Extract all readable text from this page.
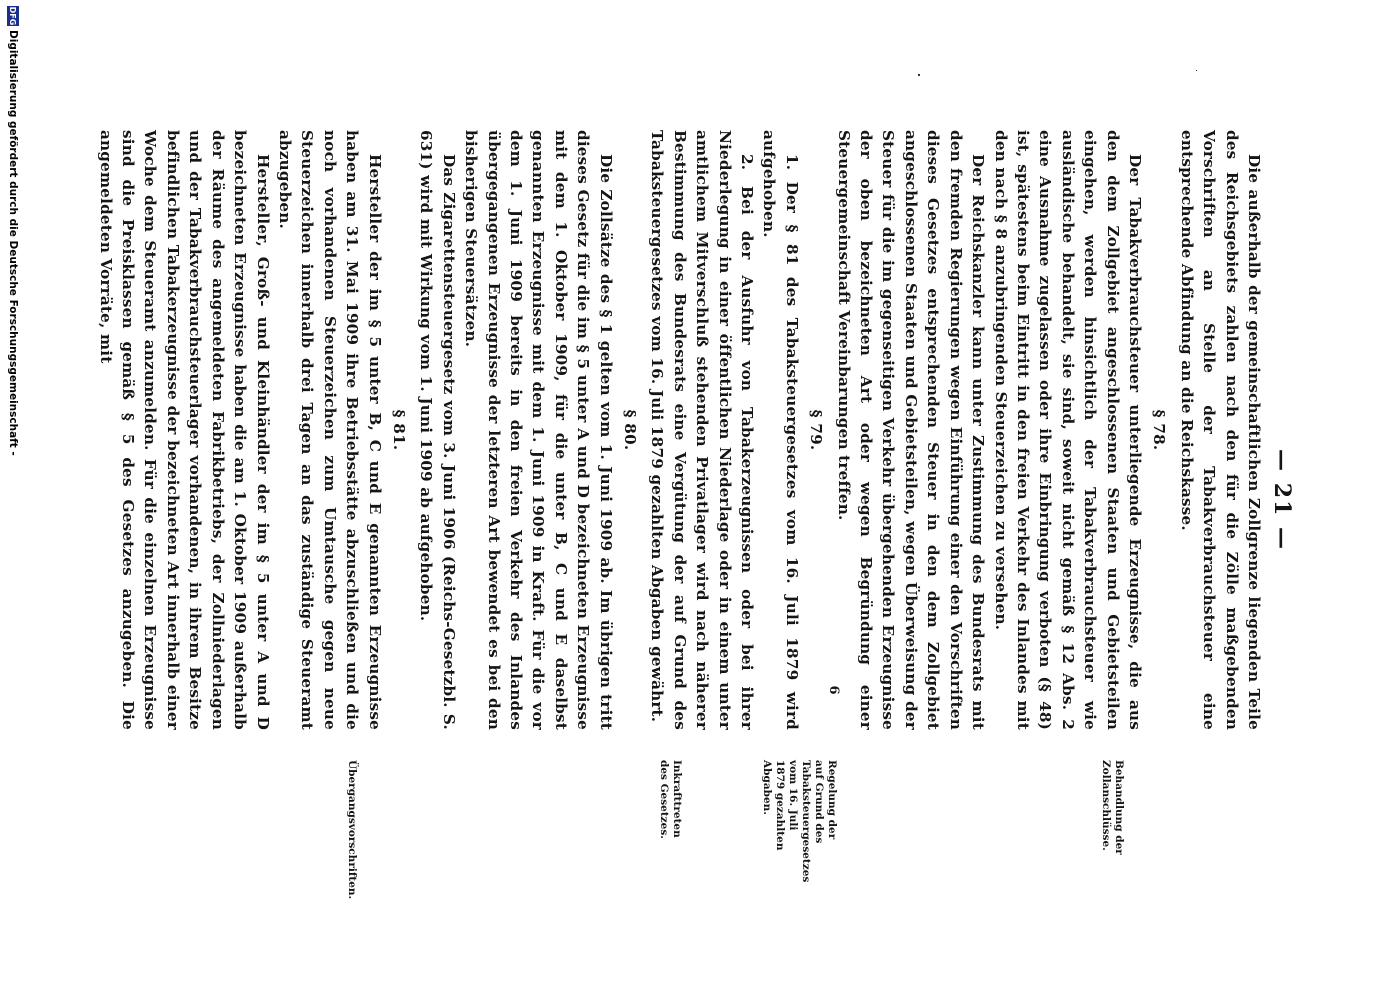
— 21 —

Die außerhalb der gemeinschaftlichen Zollgrenze liegenden Teile des Reichsgebiets zahlen nach den für die Zölle maßgebenden Vorschriften an Stelle der Tabakverbrauchsteuer eine entsprechende Abfindung an die Reichskasse.

§ 78.

Der Tabakverbrauchsteuer unterliegende Erzeugnisse, die aus den dem Zollgebiet angeschlossenen Staaten und Gebietsteilen eingehen, werden hinsichtlich der Tabakverbrauchsteuer wie ausländische behandelt, sie sind, soweit nicht gemäß § 12 Abs. 2 eine Ausnahme zugelassen oder ihre Einbringung verboten (§ 48) ist, spätestens beim Eintritt in den freien Verkehr des Inlandes mit den nach § 8 anzubringenden Steuerzeichen zu versehen.

Der Reichskanzler kann unter Zustimmung des Bundesrats mit den fremden Regierungen wegen Einführung einer den Vorschriften dieses Gesetzes entsprechenden Steuer in den dem Zollgebiet angeschlossenen Staaten und Gebietsteilen, wegen Überweisung der Steuer für die im gegenseitigen Verkehr übergehenden Erzeugnisse der oben bezeichneten Art oder wegen Begründung einer Steuergemeinschaft Vereinbarungen treffen.

§ 79.

1. Der § 81 des Tabaksteuergesetzes vom 16. Juli 1879 wird aufgehoben.

2. Bei der Ausfuhr von Tabakerzeugnissen oder bei ihrer Niederlegung in einer öffentlichen Niederlage oder in einem unter amtlichem Mitverschluß stehenden Privatlager wird nach näherer Bestimmung des Bundesrats eine Vergütung der auf Grund des Tabaksteuergesetzes vom 16. Juli 1879 gezahlten Abgaben gewährt.

§ 80.

Die Zollsätze des § 1 gelten vom 1. Juni 1909 ab. Im übrigen tritt dieses Gesetz für die im § 5 unter A und D bezeichneten Erzeugnisse mit dem 1. Oktober 1909, für die unter B, C und E daselbst genannten Erzeugnisse mit dem 1. Juni 1909 in Kraft. Für die vor dem 1. Juni 1909 bereits in den freien Verkehr des Inlandes übergegangenen Erzeugnisse der letzteren Art bewendet es bei den bisherigen Steuersätzen.

Das Zigarettensteuergesetz vom 3. Juni 1906 (Reichs-Gesetzbl. S. 631) wird mit Wirkung vom 1. Juni 1909 ab aufgehoben.

§ 81.

Hersteller der im § 5 unter B, C und E genannten Erzeugnisse haben am 31. Mai 1909 ihre Betriebsstätte abzuschließen und die noch vorhandenen Steuerzeichen zum Umtausche gegen neue Steuerzeichen innerhalb drei Tagen an das zuständige Steueramt abzugeben.

Hersteller, Groß- und Kleinhändler der im § 5 unter A und D bezeichneten Erzeugnisse haben die am 1. Oktober 1909 außerhalb der Räume des angemeldeten Fabrikbetriebs, der Zollniederlagen und der Tabakverbrauchsteuerlager vorhandenen, in ihrem Besitze befindlichen Tabakerzeugnisse der bezeichneten Art innerhalb einer Woche dem Steueramt anzumelden. Für die einzelnen Erzeugnisse sind die Preisklassen gemäß § 5 des Gesetzes anzugeben. Die angemeldeten Vorräte, mit

Behandlung der Zollanschlüsse.
Regelung der auf Grund des Tabaksteuergesetzes vom 16. Juli 1879 gezahlten Abgaben.
Inkrafttreten des Gesetzes.
Übergangsvorschriften.
DFG
Digitalisierung gefördert durch die Deutsche Forschungsgemeinschaft -
6
